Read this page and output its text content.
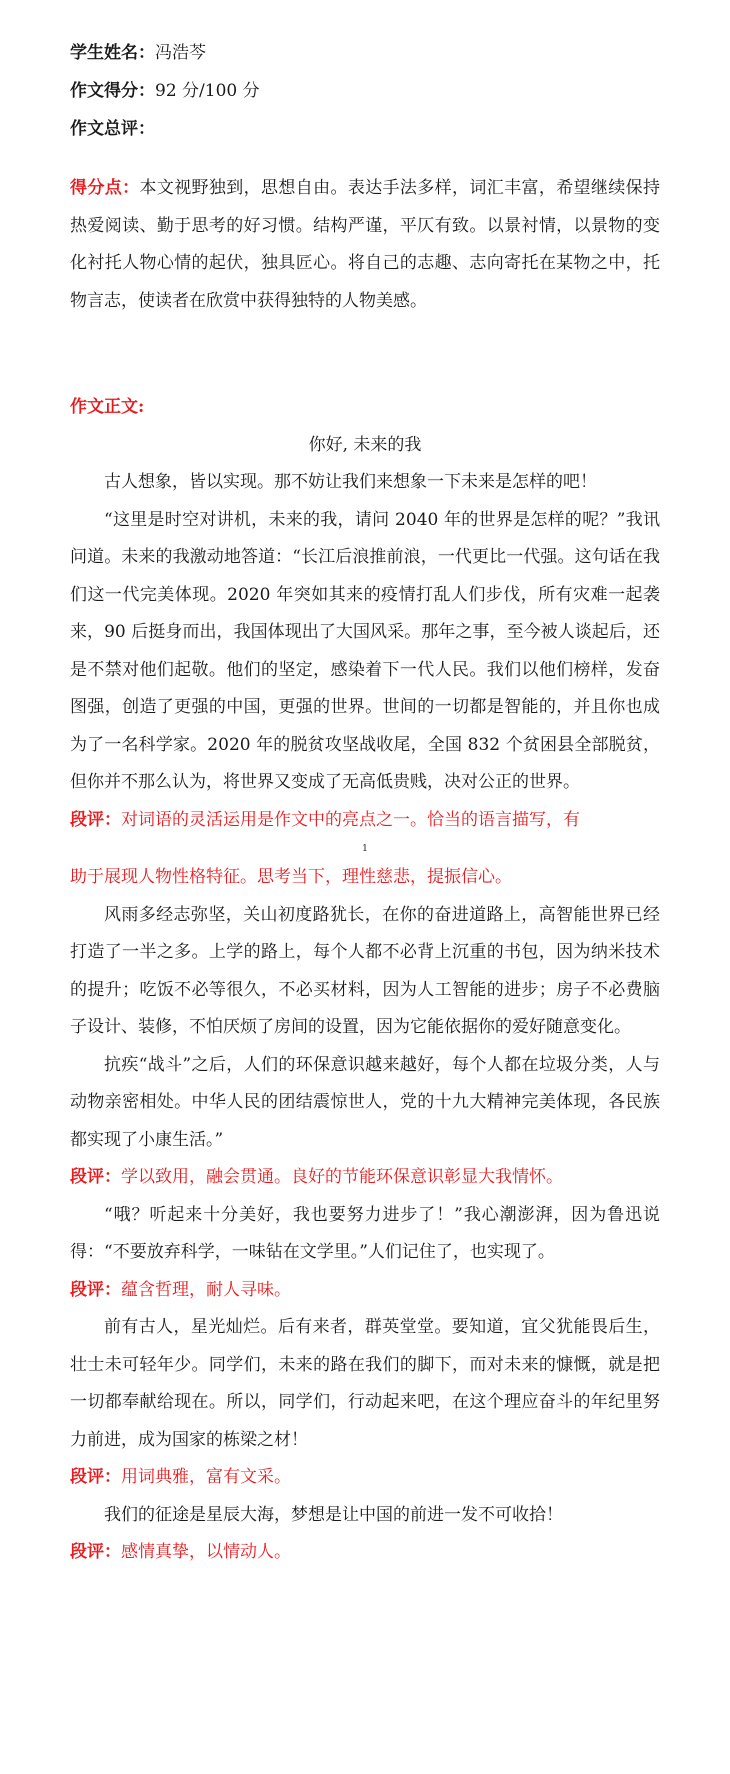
学生姓名：冯浩芩
作文得分：92 分/100 分
作文总评：
得分点：本文视野独到，思想自由。表达手法多样，词汇丰富，希望继续保持热爱阅读、勤于思考的好习惯。结构严谨，平仄有致。以景衬情，以景物的变化衬托人物心情的起伏，独具匠心。将自己的志趣、志向寄托在某物之中，托物言志，使读者在欣赏中获得独特的人物美感。
作文正文:
你好, 未来的我

古人想象，皆以实现。那不妨让我们来想象一下未来是怎样的吧！

“这里是时空对讲机，未来的我，请问 2040 年的世界是怎样的呢？”我讯问道。未来的我激动地答道：“长江后浪推前浪，一代更比一代强。这句话在我们这一代完美体现。2020 年突如其来的疫情打乱人们步伐，所有灾难一起袭来，90 后挺身而出，我国体现出了大国风采。那年之事，至今被人谈起后，还是不禁对他们起敬。他们的坚定，感染着下一代人民。我们以他们榜样，发奋图强，创造了更强的中国，更强的世界。世间的一切都是智能的，并且你也成为了一名科学家。2020 年的脱贫攻坚战收尾，全国 832 个贫困县全部脱贫，但你并不那么认为，将世界又变成了无高低贵贱，决对公正的世界。

段评：对词语的灵活运用是作文中的亮点之一。恰当的语言描写，有

1

助于展现人物性格特征。思考当下，理性慈悲，提振信心。

风雨多经志弥坚，关山初度路犹长，在你的奋进道路上，高智能世界已经打造了一半之多。上学的路上，每个人都不必背上沉重的书包，因为纳米技术的提升；吃饭不必等很久，不必买材料，因为人工智能的进步；房子不必费脑子设计、装修，不怕厌烦了房间的设置，因为它能依据你的爱好随意变化。

抗疾“战斗”之后，人们的环保意识越来越好，每个人都在垃圾分类，人与动物亲密相处。中华人民的团结震惊世人，党的十九大精神完美体现，各民族都实现了小康生活。”

段评：学以致用，融会贯通。良好的节能环保意识彰显大我情怀。

“哦？听起来十分美好，我也要努力进步了！”我心潮澎湃，因为鲁迅说得：“不要放弃科学，一味钻在文学里。”人们记住了，也实现了。

段评：蕴含哲理，耐人寻味。

前有古人，星光灿烂。后有来者，群英堂堂。要知道，宜父犹能畏后生，壮士未可轻年少。同学们，未来的路在我们的脚下，而对未来的慷慨，就是把一切都奉献给现在。所以，同学们，行动起来吧，在这个理应奋斗的年纪里努力前进，成为国家的栋梁之材！

段评：用词典雅，富有文采。

我们的征途是星辰大海，梦想是让中国的前进一发不可收拾！

段评：感情真挚，以情动人。
